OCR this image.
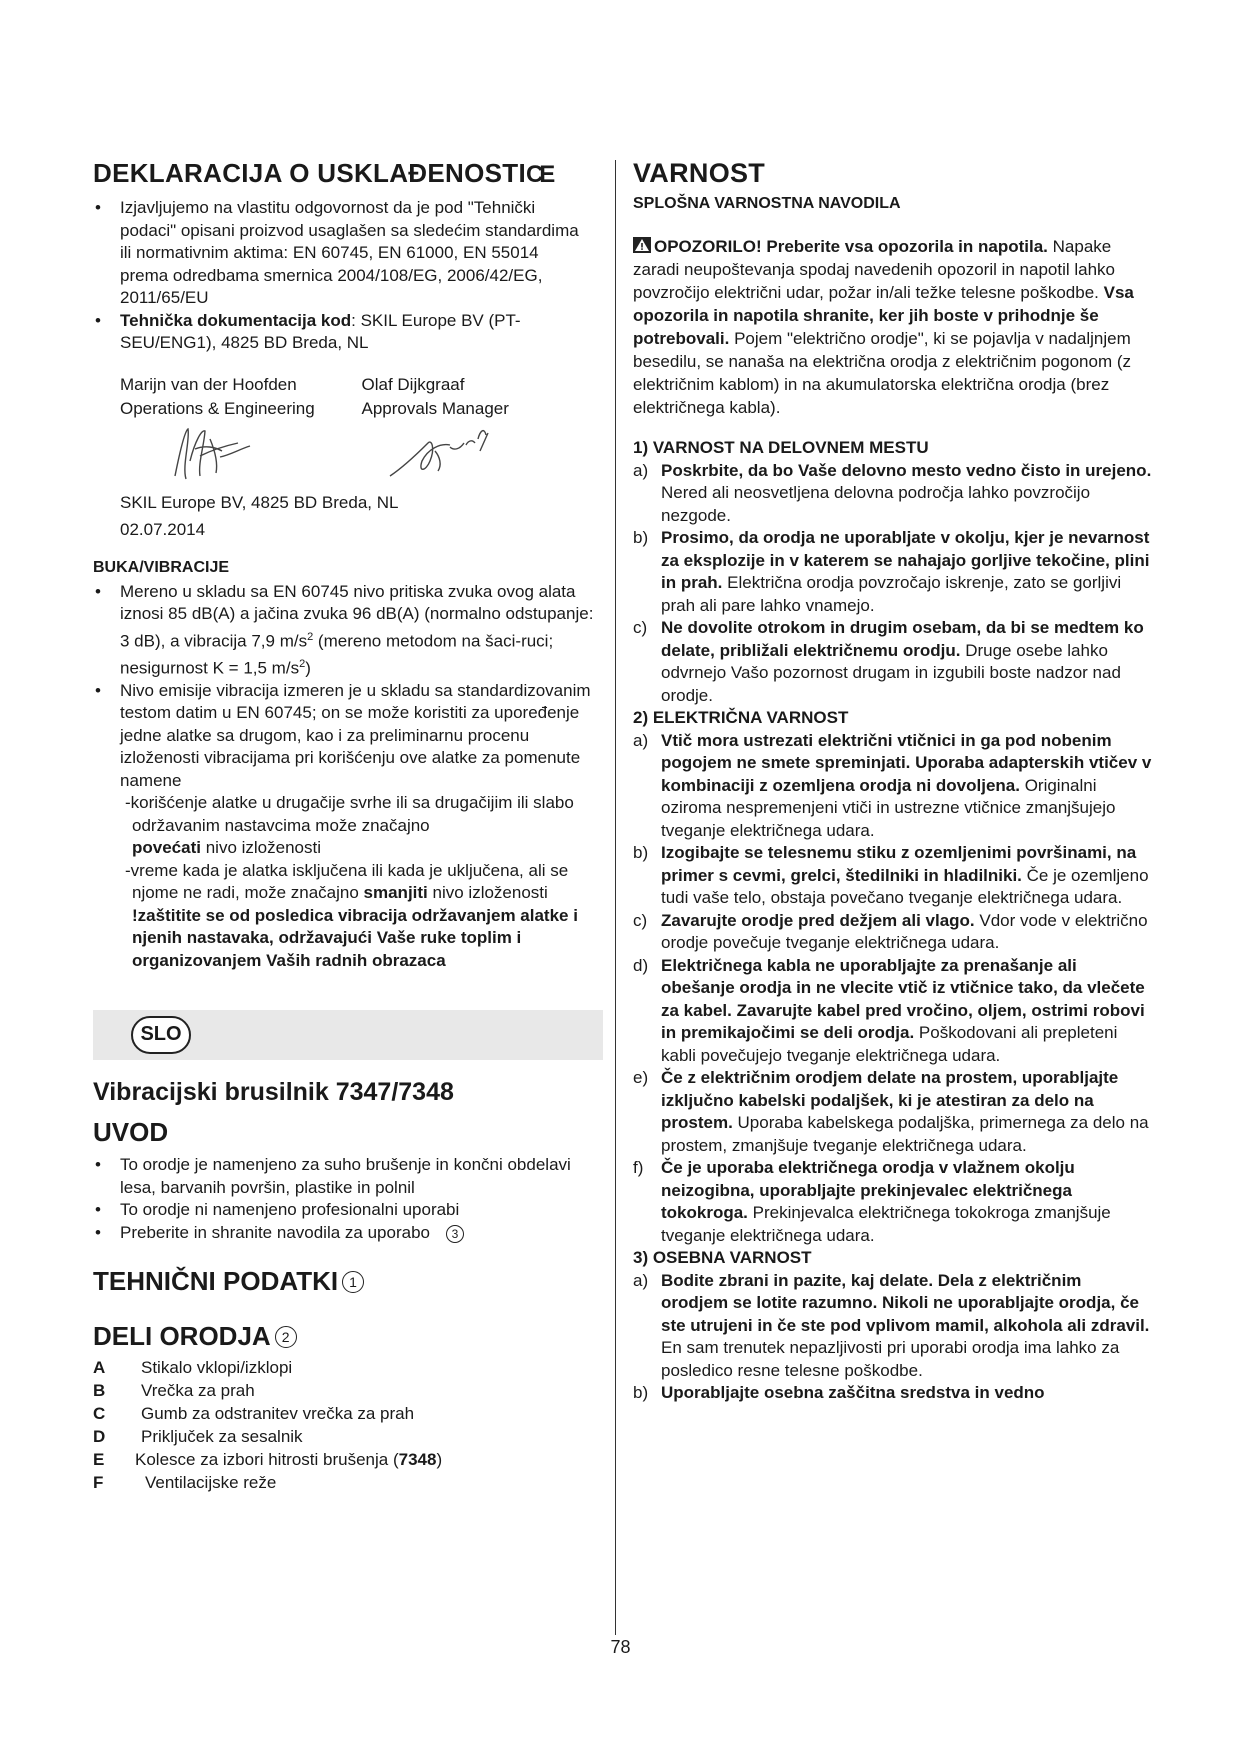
DEKLARACIJA O USKLAĐENOSTICE
• Izjavljujemo na vlastitu odgovornost da je pod "Tehnički podaci" opisani proizvod usaglašen sa sledećim standardima ili normativnim aktima: EN 60745, EN 61000, EN 55014 prema odredbama smernica 2004/108/EG, 2006/42/EG, 2011/65/EU
• Tehnička dokumentacija kod: SKIL Europe BV (PT-SEU/ENG1), 4825 BD Breda, NL
Marijn van der Hoofden
Operations & Engineering
Olaf Dijkgraaf
Approvals Manager
SKIL Europe BV, 4825 BD Breda, NL
02.07.2014
BUKA/VIBRACIJE
• Mereno u skladu sa EN 60745 nivo pritiska zvuka ovog alata iznosi 85 dB(A) a jačina zvuka 96 dB(A) (normalno odstupanje: 3 dB), a vibracija 7,9 $m/s^2$ (mereno metodom na šaci-ruci; nesigurnost K = 1,5 $m/s^2$)
• Nivo emisije vibracija izmeren je u skladu sa standardizovanim testom datim u EN 60745; on se može koristiti za upoređenje jedne alatke sa drugom, kao i za preliminarnu procenu izloženosti vibracijama pri korišćenju ove alatke za pomenute namene

-korišćenje alatke u drugačije svrhe ili sa drugačijim ili slabo održavanim nastavcima može značajno
povećati nivo izloženosti

-vreme kada je alatka isključena ili kada je uključena, ali se njome ne radi, može značajno smanjiti nivo izloženosti

!zaštitite se od posledica vibracija održavanjem alatke i njenih nastavaka, održavajući Vaše ruke toplim i organizovanjem Vaših radnih obrazaca

SLO
Vibracijski brusilnik 7347/7348
UVOD
• To orodje je namenjeno za suho brušenje in končni obdelavi lesa, barvanih površin, plastike in polnil
• To orodje ni namenjeno profesionalni uporabi
• Preberite in shranite navodila za uporabo 3
TEHNIČNI PODATKI 1
DELI ORODJA 2
A	Stikalo vklopi/izklopi
B	Vrečka za prah
C	Gumb za odstranitev vrečka za prah
D	Priključek za sesalnik
E	Kolesce za izbori hitrosti brušenja (7348)
F	Ventilacijske reže
VARNOST
SPLOŠNA VARNOSTNA NAVODILA

OPOZORILO! Preberite vsa opozorila in napotila. Napake zaradi neupoštevanja spodaj navedenih opozoril in napotil lahko povzročijo električni udar, požar in/ali težke telesne poškodbe. Vsa opozorila in napotila shranite, ker jih boste v prihodnje še potrebovali. Pojem "električno orodje", ki se pojavlja v nadaljnjem besedilu, se nanaša na električna orodja z električnim pogonom (z električnim kablom) in na akumulatorska električna orodja (brez električnega kabla).

1) VARNOST NA DELOVNEM MESTU
a) Poskrbite, da bo Vaše delovno mesto vedno čisto in urejeno. Nered ali neosvetljena delovna področja lahko povzročijo nezgode.
b) Prosimo, da orodja ne uporabljate v okolju, kjer je nevarnost za eksplozije in v katerem se nahajajo gorljive tekočine, plini in prah. Električna orodja povzročajo iskrenje, zato se gorljivi prah ali pare lahko vnamejo.
c) Ne dovolite otrokom in drugim osebam, da bi se medtem ko delate, približali električnemu orodju. Druge osebe lahko odvrnejo Vašo pozornost drugam in izgubili boste nadzor nad orodje.
2) ELEKTRIČNA VARNOST
a) Vtič mora ustrezati električni vtičnici in ga pod nobenim pogojem ne smete spreminjati. Uporaba adapterskih vtičev v kombinaciji z ozemljena orodja ni dovoljena. Originalni oziroma nespremenjeni vtiči in ustrezne vtičnice zmanjšujejo tveganje električnega udara.
b) Izogibajte se telesnemu stiku z ozemljenimi površinami, na primer s cevmi, grelci, štedilniki in hladilniki. Če je ozemljeno tudi vaše telo, obstaja povečano tveganje električnega udara.
c) Zavarujte orodje pred dežjem ali vlago. Vdor vode v električno orodje povečuje tveganje električnega udara.
d) Električnega kabla ne uporabljajte za prenašanje ali obešanje orodja in ne vlecite vtič iz vtičnice tako, da vlečete za kabel. Zavarujte kabel pred vročino, oljem, ostrimi robovi in premikajočimi se deli orodja. Poškodovani ali prepleteni kabli povečujejo tveganje električnega udara.
e) Če z električnim orodjem delate na prostem, uporabljajte izključno kabelski podaljšek, ki je atestiran za delo na prostem. Uporaba kabelskega podaljška, primernega za delo na prostem, zmanjšuje tveganje električnega udara.
f) Če je uporaba električnega orodja v vlažnem okolju neizogibna, uporabljajte prekinjevalec električnega tokokroga. Prekinjevalca električnega tokokroga zmanjšuje tveganje električnega udara.
3) OSEBNA VARNOST
a) Bodite zbrani in pazite, kaj delate. Dela z električnim orodjem se lotite razumno. Nikoli ne uporabljajte orodja, če ste utrujeni in če ste pod vplivom mamil, alkohola ali zdravil. En sam trenutek nepazljivosti pri uporabi orodja ima lahko za posledico resne telesne poškodbe.
b) Uporabljajte osebna zaščitna sredstva in vedno
78
